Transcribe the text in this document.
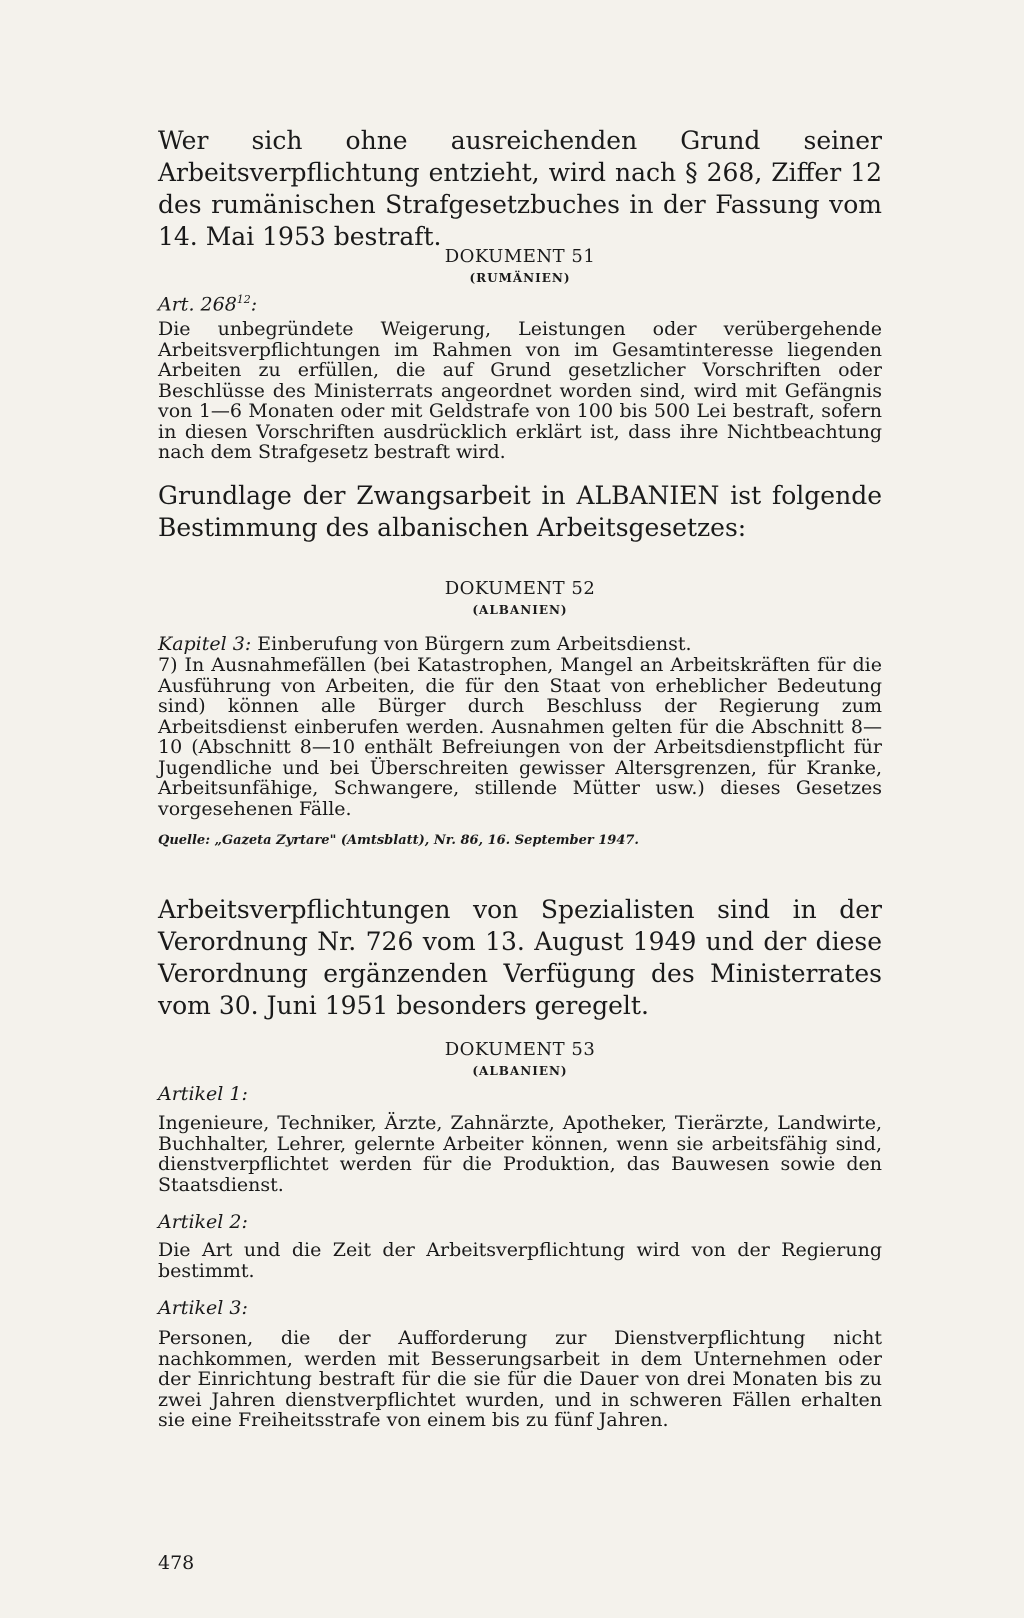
Wer sich ohne ausreichenden Grund seiner Arbeitsverpflichtung entzieht, wird nach § 268, Ziffer 12 des rumänischen Strafgesetzbuches in der Fassung vom 14. Mai 1953 bestraft.

DOKUMENT 51
(RUMÄNIEN)

Art. $268^{12}$:

Die unbegründete Weigerung, Leistungen oder verübergehende Arbeitsverpflichtungen im Rahmen von im Gesamtinteresse liegenden Arbeiten zu erfüllen, die auf Grund gesetzlicher Vorschriften oder Beschlüsse des Ministerrats angeordnet worden sind, wird mit Gefängnis von 1—6 Monaten oder mit Geldstrafe von 100 bis 500 Lei bestraft, sofern in diesen Vorschriften ausdrücklich erklärt ist, dass ihre Nichtbeachtung nach dem Strafgesetz bestraft wird.

Grundlage der Zwangsarbeit in ALBANIEN ist folgende Bestimmung des albanischen Arbeitsgesetzes:

DOKUMENT 52
(ALBANIEN)

Kapitel 3: Einberufung von Bürgern zum Arbeitsdienst.

7) In Ausnahmefällen (bei Katastrophen, Mangel an Arbeitskräften für die Ausführung von Arbeiten, die für den Staat von erheblicher Bedeutung sind) können alle Bürger durch Beschluss der Regierung zum Arbeitsdienst einberufen werden. Ausnahmen gelten für die Abschnitt 8—10 (Abschnitt 8—10 enthält Befreiungen von der Arbeitsdienstpflicht für Jugendliche und bei Überschreiten gewisser Altersgrenzen, für Kranke, Arbeitsunfähige, Schwangere, stillende Mütter usw.) dieses Gesetzes vorgesehenen Fälle.

Quelle: „Gazeta Zyrtare" (Amtsblatt), Nr. 86, 16. September 1947.

Arbeitsverpflichtungen von Spezialisten sind in der Verordnung Nr. 726 vom 13. August 1949 und der diese Verordnung ergänzenden Verfügung des Ministerrates vom 30. Juni 1951 besonders geregelt.

DOKUMENT 53
(ALBANIEN)

Artikel 1:

Ingenieure, Techniker, Ärzte, Zahnärzte, Apotheker, Tierärzte, Landwirte, Buchhalter, Lehrer, gelernte Arbeiter können, wenn sie arbeitsfähig sind, dienstverpflichtet werden für die Produktion, das Bauwesen sowie den Staatsdienst.

Artikel 2:

Die Art und die Zeit der Arbeitsverpflichtung wird von der Regierung bestimmt.

Artikel 3:

Personen, die der Aufforderung zur Dienstverpflichtung nicht nachkommen, werden mit Besserungsarbeit in dem Unternehmen oder der Einrichtung bestraft für die sie für die Dauer von drei Monaten bis zu zwei Jahren dienstverpflichtet wurden, und in schweren Fällen erhalten sie eine Freiheitsstrafe von einem bis zu fünf Jahren.

478
